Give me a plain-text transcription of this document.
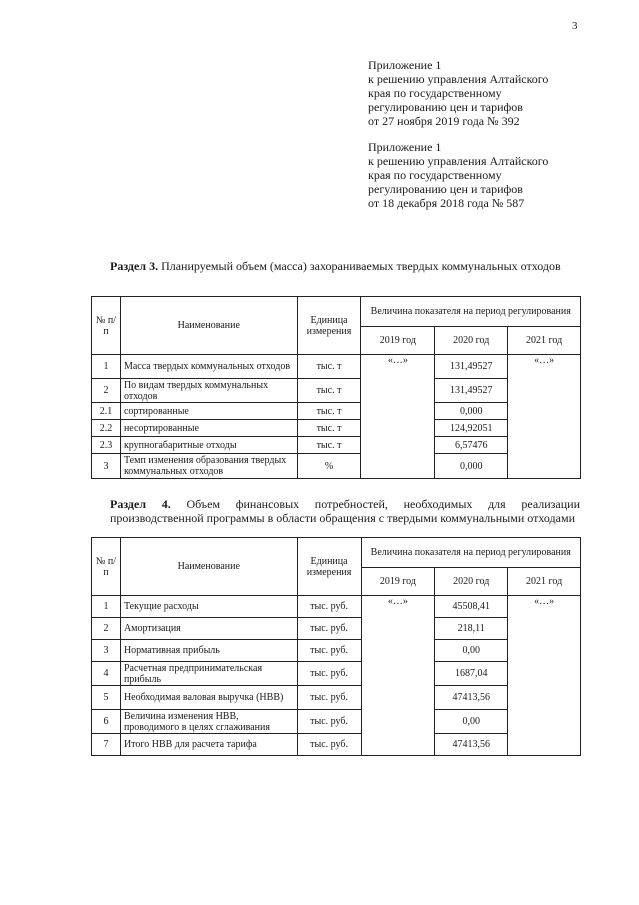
3
Приложение 1
к решению управления Алтайского
края по государственному
регулированию цен и тарифов
от 27 ноября 2019 года № 392
Приложение 1
к решению управления Алтайского
края по государственному
регулированию цен и тарифов
от 18 декабря 2018 года № 587
Раздел 3. Планируемый объем (масса) захораниваемых твердых коммунальных отходов
№ п/п	Наименование	Единица измерения	Величина показателя на период регулирования		
			2019 год	2020 год	2021 год
1	Масса твердых коммунальных отходов	тыс. т	«…»	131,49527	«…»
2	По видам твердых коммунальных отходов	тыс. т		131,49527	
2.1	сортированные	тыс. т		0,000	
2.2	несортированные	тыс. т		124,92051	
2.3	крупногабаритные отходы	тыс. т		6,57476	
3	Темп изменения образования твердых коммунальных отходов	%		0,000	
Раздел 4. Объем финансовых потребностей, необходимых для реализации производственной программы в области обращения с твердыми коммунальными отходами
№ п/п	Наименование	Единица измерения	Величина показателя на период регулирования		
			2019 год	2020 год	2021 год
1	Текущие расходы	тыс. руб.	«…»	45508,41	«…»
2	Амортизация	тыс. руб.		218,11	
3	Нормативная прибыль	тыс. руб.		0,00	
4	Расчетная предпринимательская прибыль	тыс. руб.		1687,04	
5	Необходимая валовая выручка (НВВ)	тыс. руб.		47413,56	
6	Величина изменения НВВ, проводимого в целях сглаживания	тыс. руб.		0,00	
7	Итого НВВ для расчета тарифа	тыс. руб.		47413,56	
